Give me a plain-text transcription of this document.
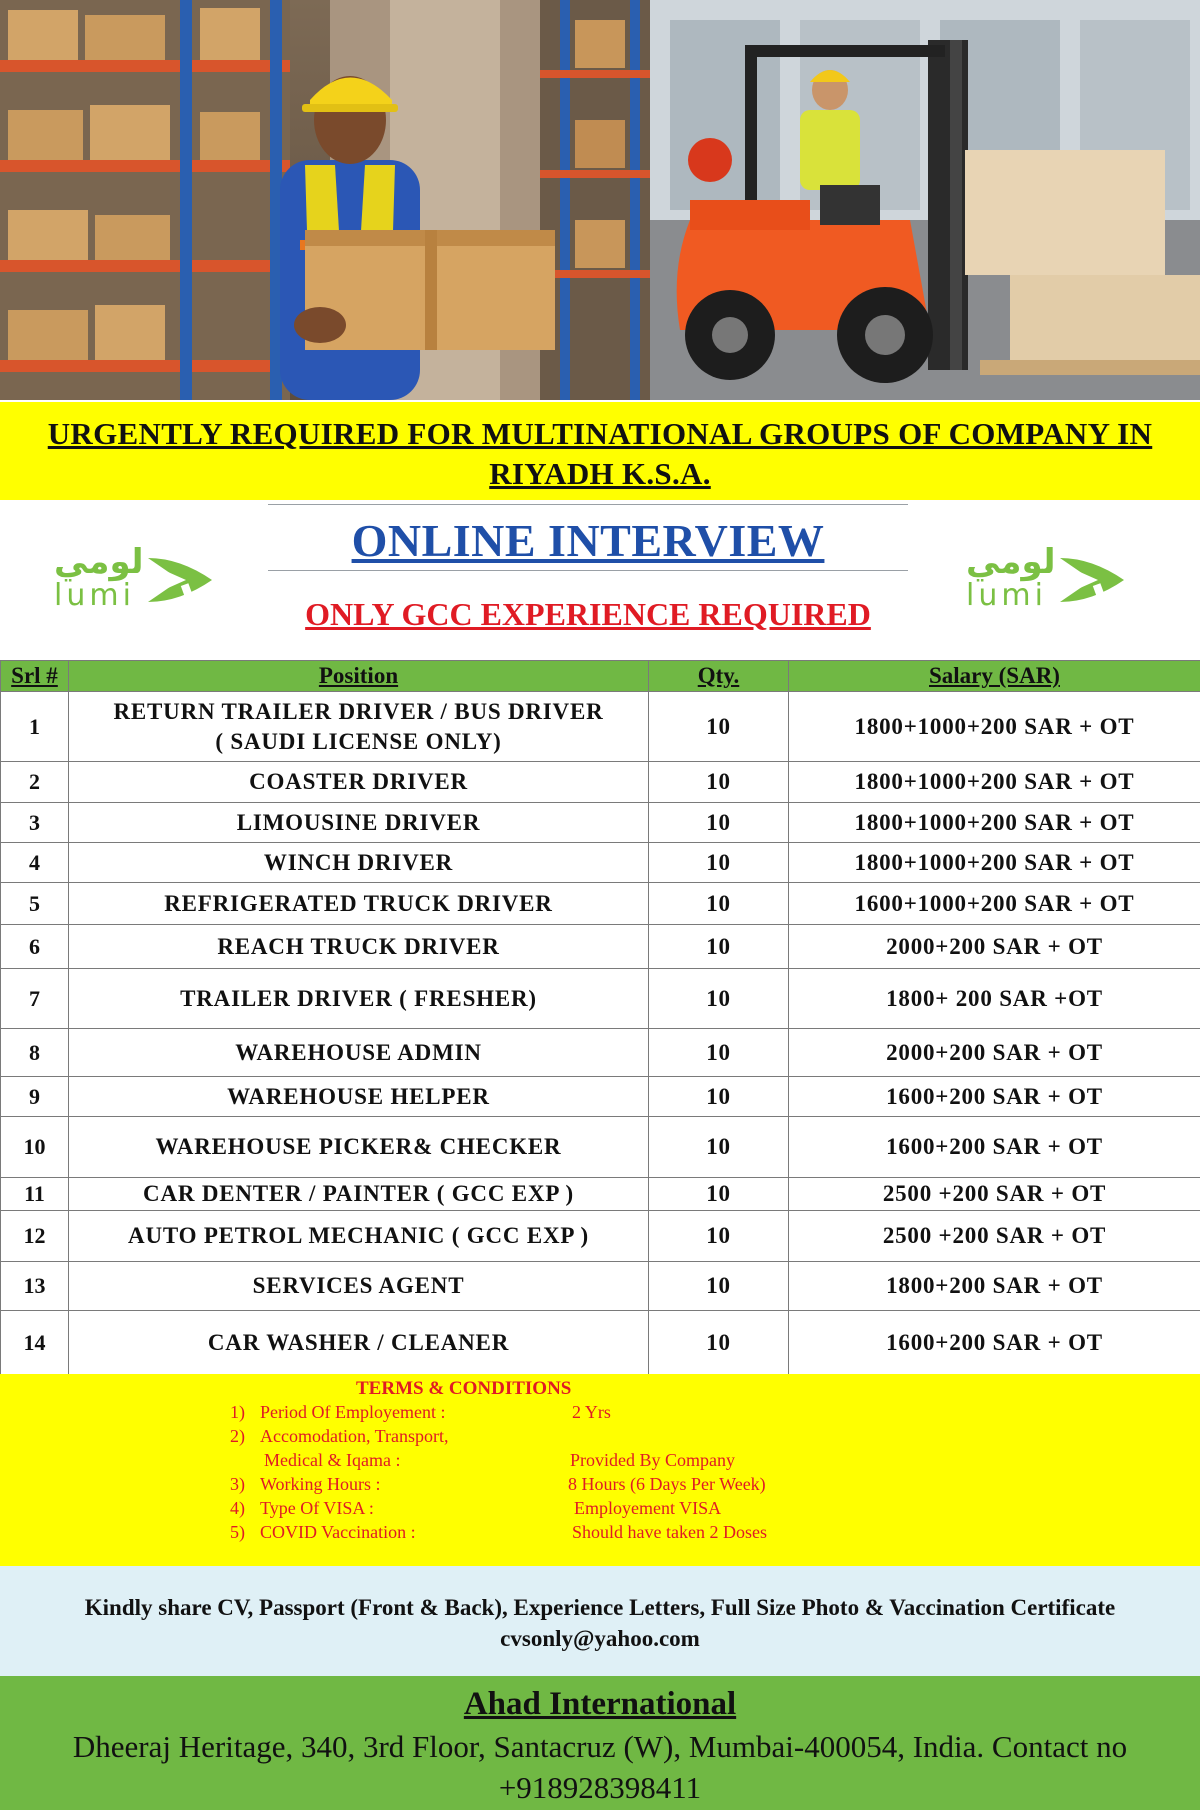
URGENTLY REQUIRED FOR MULTINATIONAL GROUPS OF COMPANY IN
RIYADH K.S.A.
لومي
lumi
ONLINE INTERVIEW
ONLY GCC EXPERIENCE REQUIRED
لومي
lumi
Srl #	Position	Qty.	Salary (SAR)
1	RETURN TRAILER DRIVER / BUS DRIVER
( SAUDI LICENSE ONLY)	10	1800+1000+200 SAR + OT
2	COASTER DRIVER	10	1800+1000+200 SAR + OT
3	LIMOUSINE DRIVER	10	1800+1000+200 SAR + OT
4	WINCH DRIVER	10	1800+1000+200 SAR + OT
5	REFRIGERATED TRUCK DRIVER	10	1600+1000+200 SAR + OT
6	REACH TRUCK DRIVER	10	2000+200 SAR + OT
7	TRAILER DRIVER ( FRESHER)	10	1800+ 200 SAR +OT
8	WAREHOUSE ADMIN	10	2000+200 SAR + OT
9	WAREHOUSE HELPER	10	1600+200 SAR + OT
10	WAREHOUSE PICKER& CHECKER	10	1600+200 SAR + OT
11	CAR DENTER / PAINTER ( GCC EXP )	10	2500 +200 SAR + OT
12	AUTO PETROL MECHANIC ( GCC EXP )	10	2500 +200 SAR + OT
13	SERVICES AGENT	10	1800+200 SAR + OT
14	CAR WASHER / CLEANER	10	1600+200 SAR + OT
TERMS & CONDITIONS
1) Period Of Employement :	2 Yrs
2) Accomodation, Transport,
Medical & Iqama :	Provided By Company
3) Working Hours :	8 Hours (6 Days Per Week)
4) Type Of VISA :	Employement VISA
5) COVID Vaccination :	Should have taken 2 Doses
Kindly share CV, Passport (Front & Back), Experience Letters, Full Size Photo & Vaccination Certificate
cvsonly@yahoo.com
Ahad International
Dheeraj Heritage, 340, 3rd Floor, Santacruz (W), Mumbai-400054, India. Contact no
+918928398411
